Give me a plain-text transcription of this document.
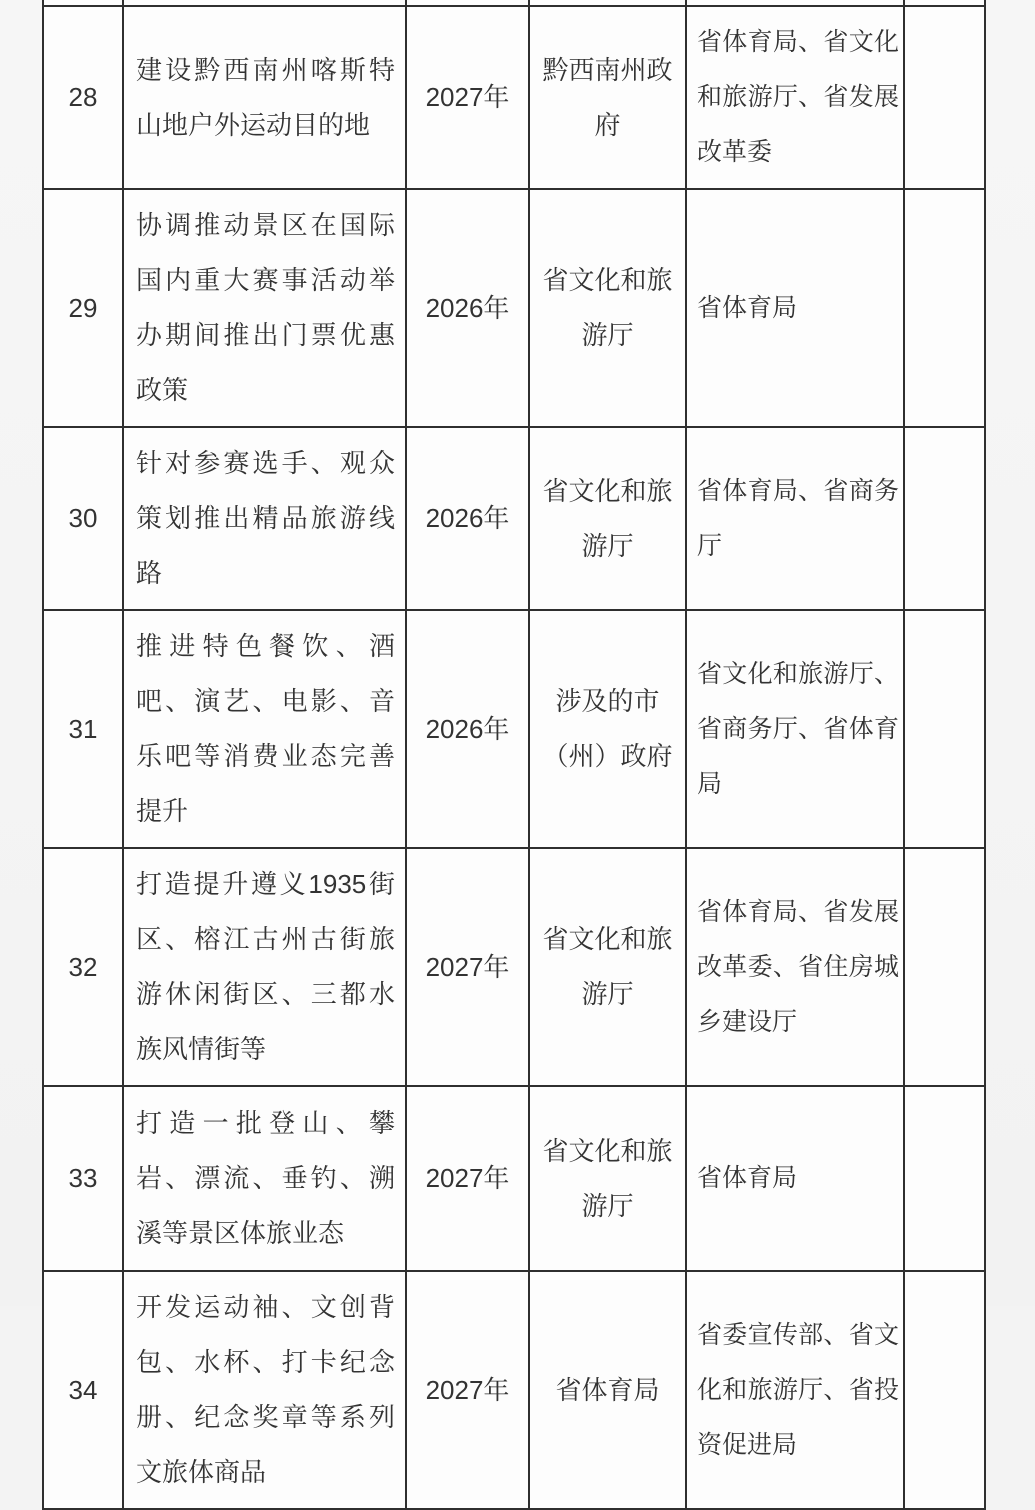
28	建设黔西南州喀斯特山地户外运动目的地	2027年	黔西南州政府	省体育局、省文化和旅游厅、省发展改革委	
29	协调推动景区在国际国内重大赛事活动举办期间推出门票优惠政策	2026年	省文化和旅游厅	省体育局	
30	针对参赛选手、观众策划推出精品旅游线路	2026年	省文化和旅游厅	省体育局、省商务厅	
31	推进特色餐饮、酒吧、演艺、电影、音乐吧等消费业态完善提升	2026年	涉及的市（州）政府	省文化和旅游厅、省商务厅、省体育局	
32	打造提升遵义1935街区、榕江古州古街旅游休闲街区、三都水族风情街等	2027年	省文化和旅游厅	省体育局、省发展改革委、省住房城乡建设厅	
33	打造一批登山、攀岩、漂流、垂钓、溯溪等景区体旅业态	2027年	省文化和旅游厅	省体育局	
34	开发运动袖、文创背包、水杯、打卡纪念册、纪念奖章等系列文旅体商品	2027年	省体育局	省委宣传部、省文化和旅游厅、省投资促进局	
